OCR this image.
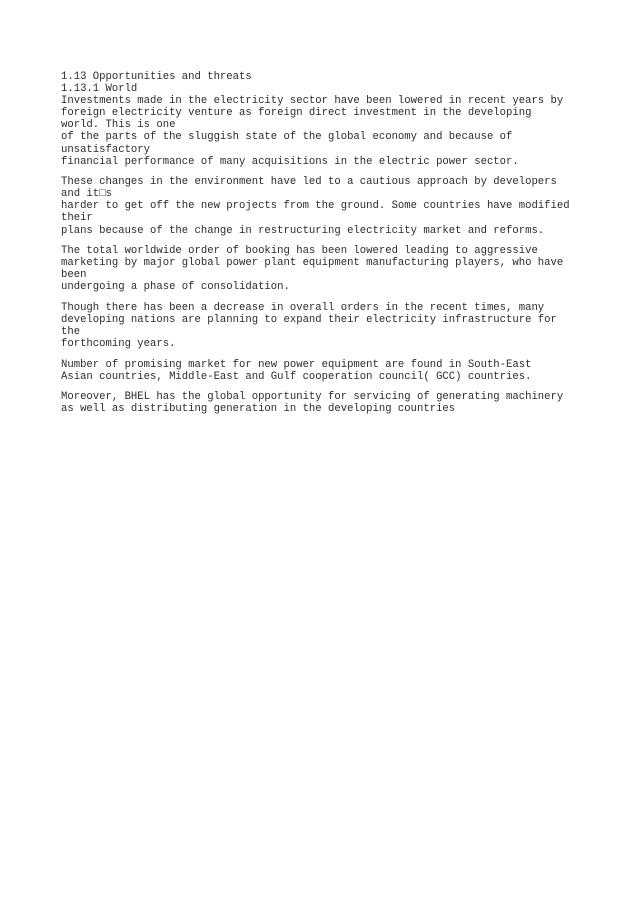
1.13 Opportunities and threats
1.13.1 World
Investments made in the electricity sector have been lowered in recent years by
foreign electricity venture as foreign direct investment in the developing
world. This is one
of the parts of the sluggish state of the global economy and because of
unsatisfactory
financial performance of many acquisitions in the electric power sector.
These changes in the environment have led to a cautious approach by developers
and it□s
harder to get off the new projects from the ground. Some countries have modified
their
plans because of the change in restructuring electricity market and reforms.
The total worldwide order of booking has been lowered leading to aggressive
marketing by major global power plant equipment manufacturing players, who have
been
undergoing a phase of consolidation.
Though there has been a decrease in overall orders in the recent times, many
developing nations are planning to expand their electricity infrastructure for
the
forthcoming years.
Number of promising market for new power equipment are found in South-East
Asian countries, Middle-East and Gulf cooperation council( GCC) countries.
Moreover, BHEL has the global opportunity for servicing of generating machinery
as well as distributing generation in the developing countries
